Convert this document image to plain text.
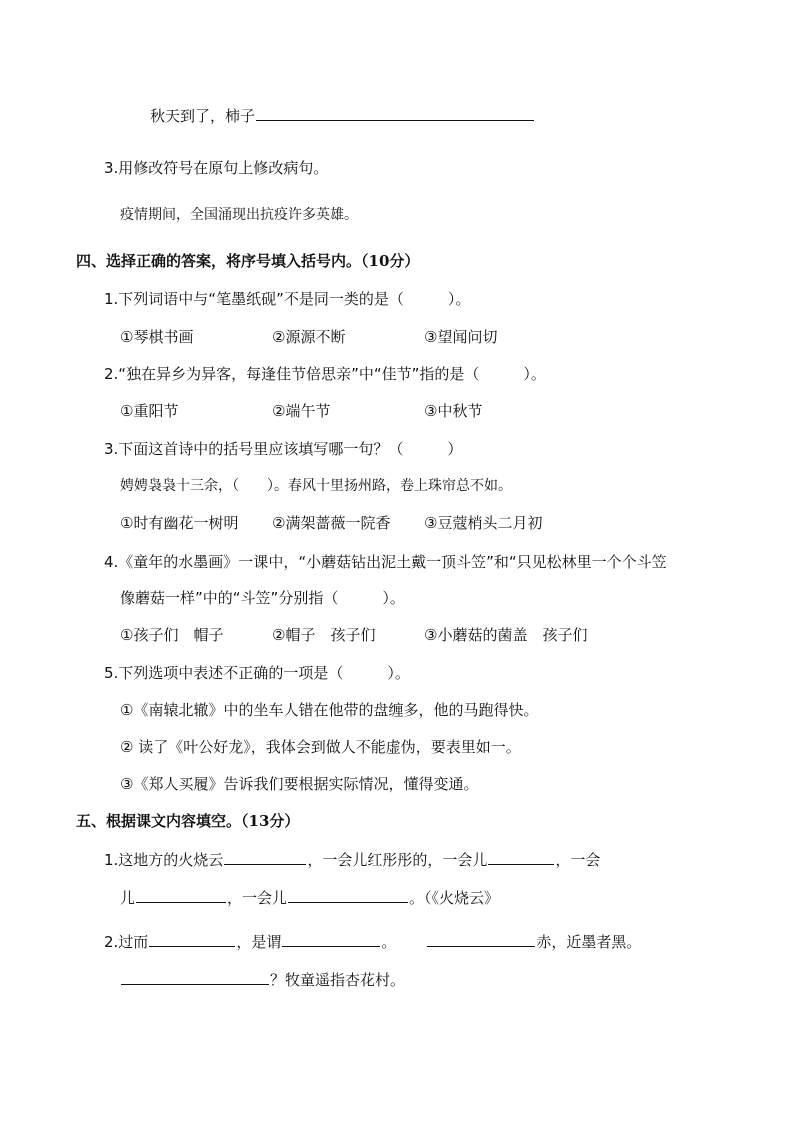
秋天到了，柿子
3.用修改符号在原句上修改病句。
疫情期间，全国涌现出抗疫许多英雄。
四、选择正确的答案，将序号填入括号内。（10分）
1.下列词语中与“笔墨纸砚”不是同一类的是（	）。
①琴棋书画	②源源不断	③望闻问切
2.“独在异乡为异客，每逢佳节倍思亲”中“佳节”指的是（	）。
①重阳节	②端午节	③中秋节
3.下面这首诗中的括号里应该填写哪一句？（	）
娉娉袅袅十三余，（　　）。春风十里扬州路，卷上珠帘总不如。
①时有幽花一树明 ②满架蔷薇一院香 ③豆蔻梢头二月初
4.《童年的水墨画》一课中，“小蘑菇钻出泥土戴一顶斗笠”和“只见松林里一个个斗笠
像蘑菇一样”中的“斗笠”分别指（	）。
①孩子们　帽子	②帽子　孩子们	③小蘑菇的菌盖　孩子们
5.下列选项中表述不正确的一项是（	）。
①《南辕北辙》中的坐车人错在他带的盘缠多，他的马跑得快。
② 读了《叶公好龙》，我体会到做人不能虚伪，要表里如一。
③《郑人买履》告诉我们要根据实际情况，懂得变通。
五、根据课文内容填空。（13分）
1.这地方的火烧云	，一会儿红彤彤的，一会儿	，一会
儿	，一会儿	。（《火烧云》
2.过而	，是谓	。	赤，近墨者黑。
？牧童遥指杏花村。
